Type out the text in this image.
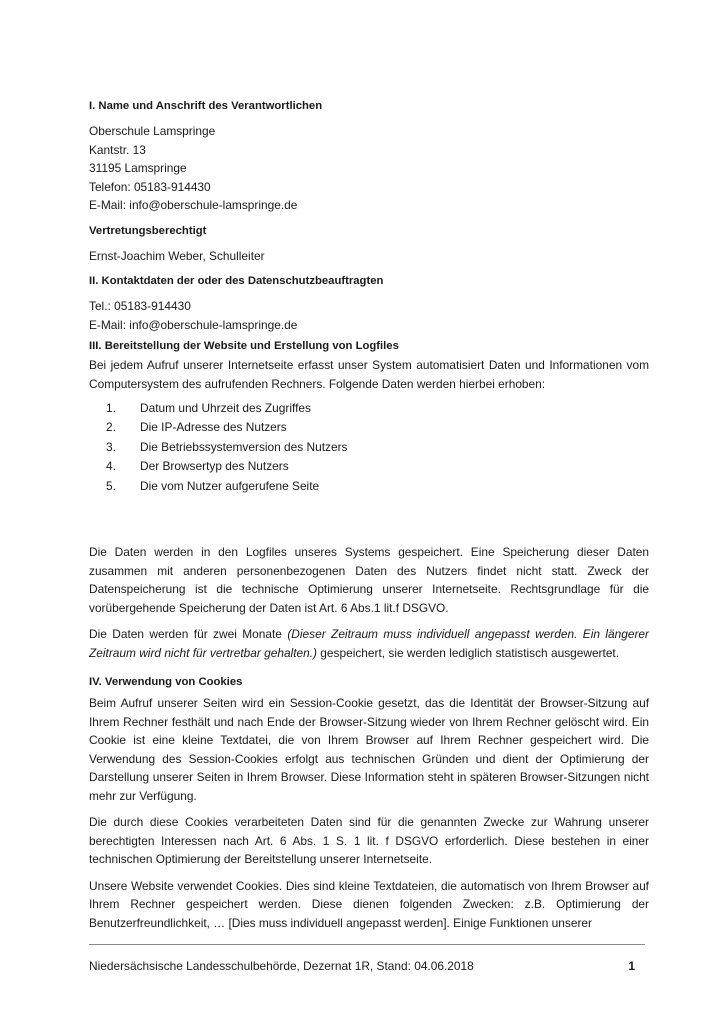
I. Name und Anschrift des Verantwortlichen
Oberschule Lamspringe
Kantstr. 13
31195 Lamspringe
Telefon: 05183-914430
E-Mail: info@oberschule-lamspringe.de
Vertretungsberechtigt
Ernst-Joachim Weber, Schulleiter
II. Kontaktdaten der oder des Datenschutzbeauftragten
Tel.: 05183-914430
E-Mail: info@oberschule-lamspringe.de
III. Bereitstellung der Website und Erstellung von Logfiles
Bei jedem Aufruf unserer Internetseite erfasst unser System automatisiert Daten und Informationen vom Computersystem des aufrufenden Rechners. Folgende Daten werden hierbei erhoben:
1.	Datum und Uhrzeit des Zugriffes
2.	Die IP-Adresse des Nutzers
3.	Die Betriebssystemversion des Nutzers
4.	Der Browsertyp des Nutzers
5.	Die vom Nutzer aufgerufene Seite
Die Daten werden in den Logfiles unseres Systems gespeichert. Eine Speicherung dieser Daten zusammen mit anderen personenbezogenen Daten des Nutzers findet nicht statt. Zweck der Datenspeicherung ist die technische Optimierung unserer Internetseite. Rechtsgrundlage für die vorübergehende Speicherung der Daten ist Art. 6 Abs.1 lit.f DSGVO.
Die Daten werden für zwei Monate (Dieser Zeitraum muss individuell angepasst werden. Ein längerer Zeitraum wird nicht für vertretbar gehalten.) gespeichert, sie werden lediglich statistisch ausgewertet.
IV. Verwendung von Cookies
Beim Aufruf unserer Seiten wird ein Session-Cookie gesetzt, das die Identität der Browser-Sitzung auf Ihrem Rechner festhält und nach Ende der Browser-Sitzung wieder von Ihrem Rechner gelöscht wird. Ein Cookie ist eine kleine Textdatei, die von Ihrem Browser auf Ihrem Rechner gespeichert wird. Die Verwendung des Session-Cookies erfolgt aus technischen Gründen und dient der Optimierung der Darstellung unserer Seiten in Ihrem Browser. Diese Information steht in späteren Browser-Sitzungen nicht mehr zur Verfügung.
Die durch diese Cookies verarbeiteten Daten sind für die genannten Zwecke zur Wahrung unserer berechtigten Interessen nach Art. 6 Abs. 1 S. 1 lit. f DSGVO erforderlich. Diese bestehen in einer technischen Optimierung der Bereitstellung unserer Internetseite.
Unsere Website verwendet Cookies. Dies sind kleine Textdateien, die automatisch von Ihrem Browser auf Ihrem Rechner gespeichert werden. Diese dienen folgenden Zwecken: z.B. Optimierung der Benutzerfreundlichkeit, … [Dies muss individuell angepasst werden]. Einige Funktionen unserer
Niedersächsische Landesschulbehörde, Dezernat 1R, Stand: 04.06.2018	1
